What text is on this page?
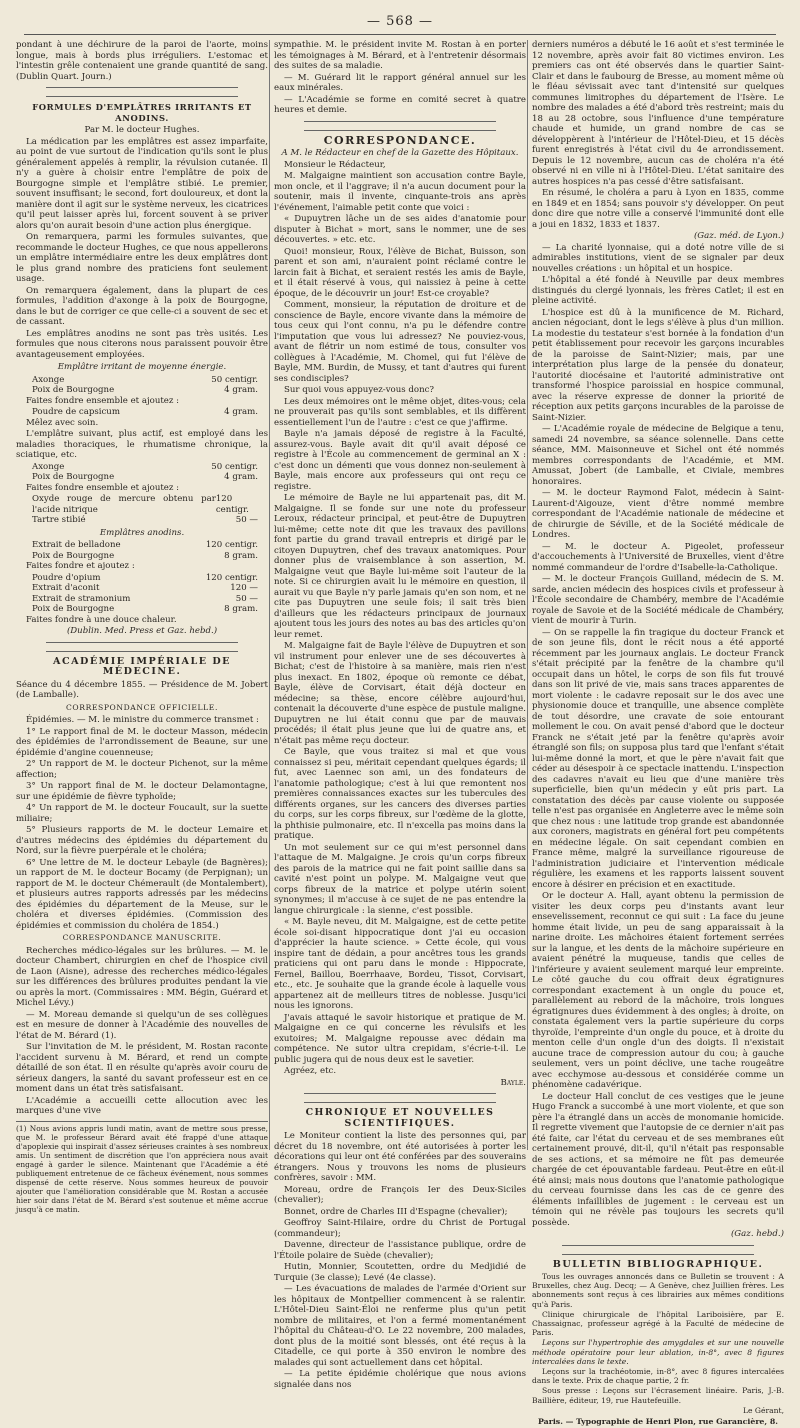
— 568 —

pondant à une déchirure de la paroi de l'aorte, moins longue, mais à bords plus irréguliers. L'estomac et l'intestin grêle contenaient une grande quantité de sang. (Dublin Quart. Journ.)

FORMULES D'EMPLÂTRES IRRITANTS ET ANODINS.

Par M. le docteur Hughes.

La médication par les emplâtres est assez imparfaite, au point de vue surtout de l'indication qu'ils sont le plus généralement appelés à remplir, la révulsion cutanée. Il n'y a guère à choisir entre l'emplâtre de poix de Bourgogne simple et l'emplâtre stibié. Le premier, souvent insuffisant; le second, fort douloureux, et dont la manière dont il agit sur le système nerveux, les cicatrices qu'il peut laisser après lui, forcent souvent à se priver alors qu'on aurait besoin d'une action plus énergique.

On remarquera, parmi les formules suivantes, que recommande le docteur Hughes, ce que nous appellerons un emplâtre intermédiaire entre les deux emplâtres dont le plus grand nombre des praticiens font seulement usage.

On remarquera également, dans la plupart de ces formules, l'addition d'axonge à la poix de Bourgogne, dans le but de corriger ce que celle-ci a souvent de sec et de cassant.

Les emplâtres anodins ne sont pas très usités. Les formules que nous citerons nous paraissent pouvoir être avantageusement employées.

Emplâtre irritant de moyenne énergie.

Axonge	50 centigr.
Poix de Bourgogne	4 gram.

Faites fondre ensemble et ajoutez :

Poudre de capsicum	4 gram.

Mêlez avec soin.

L'emplâtre suivant, plus actif, est employé dans les maladies thoraciques, le rhumatisme chronique, la sciatique, etc.

Axonge	50 centigr.
Poix de Bourgogne	4 gram.

Faites fondre ensemble et ajoutez :

Oxyde rouge de mercure obtenu par l'acide nitrique
120 centigr.
Tartre stibié	50 —

Emplâtres anodins.

Extrait de belladone	120 centigr.
Poix de Bourgogne	8 gram.

Faites fondre et ajoutez :

Poudre d'opium	120 centigr.
Extrait d'aconit	120 —
Extrait de stramonium	50 —
Poix de Bourgogne	8 gram.

Faites fondre à une douce chaleur.

(Dublin. Med. Press et Gaz. hebd.)

ACADÉMIE IMPÉRIALE DE MÉDECINE.

Séance du 4 décembre 1855. — Présidence de M. Jobert (de Lamballe).

CORRESPONDANCE OFFICIELLE.

Épidémies. — M. le ministre du commerce transmet :

1° Le rapport final de M. le docteur Masson, médecin des épidémies de l'arrondissement de Beaune, sur une épidémie d'angine couenneuse;

2° Un rapport de M. le docteur Pichenot, sur la même affection;

3° Un rapport final de M. le docteur Delamontagne, sur une épidémie de fièvre typhoïde;

4° Un rapport de M. le docteur Foucault, sur la suette miliaire;

5° Plusieurs rapports de M. le docteur Lemaire et d'autres médecins des épidémies du département du Nord, sur la fièvre puerpérale et le choléra;

6° Une lettre de M. le docteur Lebayle (de Bagnères); un rapport de M. le docteur Bocamy (de Perpignan); un rapport de M. le docteur Chémerault (de Montalembert), et plusieurs autres rapports adressés par les médecins des épidémies du département de la Meuse, sur le choléra et diverses épidémies. (Commission des épidémies et commission du choléra de 1854.)

CORRESPONDANCE MANUSCRITE.

Recherches médico-légales sur les brûlures. — M. le docteur Chambert, chirurgien en chef de l'hospice civil de Laon (Aisne), adresse des recherches médico-légales sur les différences des brûlures produites pendant la vie ou après la mort. (Commissaires : MM. Bégin, Guérard et Michel Lévy.)

— M. Moreau demande si quelqu'un de ses collègues est en mesure de donner à l'Académie des nouvelles de l'état de M. Bérard (1).

Sur l'invitation de M. le président, M. Rostan raconte l'accident survenu à M. Bérard, et rend un compte détaillé de son état. Il en résulte qu'après avoir couru de sérieux dangers, la santé du savant professeur est en ce moment dans un état très satisfaisant.

L'Académie a accueilli cette allocution avec les marques d'une vive

(1) Nous avions appris lundi matin, avant de mettre sous presse, que M. le professeur Bérard avait été frappé d'une attaque d'apoplexie qui inspirait d'assez sérieuses craintes à ses nombreux amis. Un sentiment de discrétion que l'on appréciera nous avait engagé à garder le silence. Maintenant que l'Académie a été publiquement entretenue de ce fâcheux événement, nous sommes dispensé de cette réserve. Nous sommes heureux de pouvoir ajouter que l'amélioration considérable que M. Rostan a accusée hier soir dans l'état de M. Bérard s'est soutenue et même accrue jusqu'à ce matin.

sympathie. M. le président invite M. Rostan à en porter les témoignages à M. Bérard, et à l'entretenir désormais des suites de sa maladie.

— M. Guérard lit le rapport général annuel sur les eaux minérales.

— L'Académie se forme en comité secret à quatre heures et demie.

CORRESPONDANCE.

A M. le Rédacteur en chef de la Gazette des Hôpitaux.

Monsieur le Rédacteur,

M. Malgaigne maintient son accusation contre Bayle, mon oncle, et il l'aggrave; il n'a aucun document pour la soutenir, mais il invente, cinquante-trois ans après l'événement, l'aimable petit conte que voici :

« Dupuytren lâche un de ses aides d'anatomie pour disputer à Bichat » mort, sans le nommer, une de ses découvertes. » etc. etc.

Quoi! monsieur, Roux, l'élève de Bichat, Buisson, son parent et son ami, n'auraient point réclamé contre le larcin fait à Bichat, et seraient restés les amis de Bayle, et il était réservé à vous, qui naissiez à peine à cette époque, de le découvrir un jour! Est-ce croyable?

Comment, monsieur, la réputation de droiture et de conscience de Bayle, encore vivante dans la mémoire de tous ceux qui l'ont connu, n'a pu le défendre contre l'imputation que vous lui adressez? Ne pouviez-vous, avant de flétrir un nom estimé de tous, consulter vos collègues à l'Académie, M. Chomel, qui fut l'élève de Bayle, MM. Burdin, de Mussy, et tant d'autres qui furent ses condisciples?

Sur quoi vous appuyez-vous donc?

Les deux mémoires ont le même objet, dites-vous; cela ne prouverait pas qu'ils sont semblables, et ils diffèrent essentiellement l'un de l'autre : c'est ce que j'affirme.

Bayle n'a jamais déposé de registre à la Faculté, assurez-vous. Bayle avait dit qu'il avait déposé ce registre à l'École au commencement de germinal an X : c'est donc un démenti que vous donnez non-seulement à Bayle, mais encore aux professeurs qui ont reçu ce registre.

Le mémoire de Bayle ne lui appartenait pas, dit M. Malgaigne. Il se fonde sur une note du professeur Leroux, rédacteur principal, et peut-être de Dupuytren lui-même; cette note dit que les travaux des pavillons font partie du grand travail entrepris et dirigé par le citoyen Dupuytren, chef des travaux anatomiques. Pour donner plus de vraisemblance à son assertion, M. Malgaigne veut que Bayle lui-même soit l'auteur de la note. Si ce chirurgien avait lu le mémoire en question, il aurait vu que Bayle n'y parle jamais qu'en son nom, et ne cite pas Dupuytren une seule fois; il sait très bien d'ailleurs que les rédacteurs principaux de journaux ajoutent tous les jours des notes au bas des articles qu'on leur remet.

M. Malgaigne fait de Bayle l'élève de Dupuytren et son vil instrument pour enlever une de ses découvertes à Bichat; c'est de l'histoire à sa manière, mais rien n'est plus inexact. En 1802, époque où remonte ce débat, Bayle, élève de Corvisart, était déjà docteur en médecine; sa thèse, encore célèbre aujourd'hui, contenait la découverte d'une espèce de pustule maligne. Dupuytren ne lui était connu que par de mauvais procédés; il était plus jeune que lui de quatre ans, et n'était pas même reçu docteur.

Ce Bayle, que vous traitez si mal et que vous connaissez si peu, méritait cependant quelques égards; il fut, avec Laennec son ami, un des fondateurs de l'anatomie pathologique; c'est à lui que remontent nos premières connaissances exactes sur les tubercules des différents organes, sur les cancers des diverses parties du corps, sur les corps fibreux, sur l'œdème de la glotte, la phthisie pulmonaire, etc. Il n'excella pas moins dans la pratique.

Un mot seulement sur ce qui m'est personnel dans l'attaque de M. Malgaigne. Je crois qu'un corps fibreux des parois de la matrice qui ne fait point saillie dans sa cavité n'est point un polype. M. Malgaigne veut que corps fibreux de la matrice et polype utérin soient synonymes; il m'accuse à ce sujet de ne pas entendre la langue chirurgicale : la sienne, c'est possible.

« M. Bayle neveu, dit M. Malgaigne, est de cette petite école soi-disant hippocratique dont j'ai eu occasion d'apprécier la haute science. » Cette école, qui vous inspire tant de dédain, a pour ancêtres tous les grands praticiens qui ont paru dans le monde : Hippocrate, Fernel, Baillou, Boerrhaave, Bordeu, Tissot, Corvisart, etc., etc. Je souhaite que la grande école à laquelle vous appartenez ait de meilleurs titres de noblesse. Jusqu'ici nous les ignorons.

J'avais attaqué le savoir historique et pratique de M. Malgaigne en ce qui concerne les révulsifs et les exutoires; M. Malgaigne repousse avec dédain ma compétence. Ne sutor ultra crepidam, s'écrie-t-il. Le public jugera qui de nous deux est le savetier.

Agréez, etc.

Bayle.

CHRONIQUE ET NOUVELLES SCIENTIFIQUES.

Le Moniteur contient la liste des personnes qui, par décret du 18 novembre, ont été autorisées à porter les décorations qui leur ont été conférées par des souverains étrangers. Nous y trouvons les noms de plusieurs confrères, savoir : MM.

Moreau, ordre de François Ier des Deux-Siciles (chevalier);

Bonnet, ordre de Charles III d'Espagne (chevalier);

Geoffroy Saint-Hilaire, ordre du Christ de Portugal (commandeur);

Davenne, directeur de l'assistance publique, ordre de l'Étoile polaire de Suède (chevalier);

Hutin, Monnier, Scoutetten, ordre du Medjidié de Turquie (3e classe); Levé (4e classe).

— Les évacuations de malades de l'armée d'Orient sur les hôpitaux de Montpellier commencent à se ralentir. L'Hôtel-Dieu Saint-Éloi ne renferme plus qu'un petit nombre de militaires, et l'on a fermé momentanément l'hôpital du Château-d'O. Le 22 novembre, 200 malades, dont plus de la moitié sont blessés, ont été reçus à la Citadelle, ce qui porte à 350 environ le nombre des malades qui sont actuellement dans cet hôpital.

— La petite épidémie cholérique que nous avions signalée dans nos

derniers numéros a débuté le 16 août et s'est terminée le 12 novembre, après avoir fait 80 victimes environ. Les premiers cas ont été observés dans le quartier Saint-Clair et dans le faubourg de Bresse, au moment même où le fléau sévissait avec tant d'intensité sur quelques communes limitrophes du département de l'Isère. Le nombre des malades a été d'abord très restreint; mais du 18 au 28 octobre, sous l'influence d'une température chaude et humide, un grand nombre de cas se développèrent à l'intérieur de l'Hôtel-Dieu, et 15 décès furent enregistrés à l'état civil du 4e arrondissement. Depuis le 12 novembre, aucun cas de choléra n'a été observé ni en ville ni à l'Hôtel-Dieu. L'état sanitaire des autres hospices n'a pas cessé d'être satisfaisant.

En résumé, le choléra a paru à Lyon en 1835, comme en 1849 et en 1854; sans pouvoir s'y développer. On peut donc dire que notre ville a conservé l'immunité dont elle a joui en 1832, 1833 et 1837.

(Gaz. méd. de Lyon.)

— La charité lyonnaise, qui a doté notre ville de si admirables institutions, vient de se signaler par deux nouvelles créations : un hôpital et un hospice.

L'hôpital a été fondé à Neuville par deux membres distingués du clergé lyonnais, les frères Catlet; il est en pleine activité.

L'hospice est dû à la munificence de M. Richard, ancien négociant, dont le legs s'élève à plus d'un million. La modestie du testateur s'est bornée à la fondation d'un petit établissement pour recevoir les garçons incurables de la paroisse de Saint-Nizier; mais, par une interprétation plus large de la pensée du donateur, l'autorité diocésaine et l'autorité administrative ont transformé l'hospice paroissial en hospice communal, avec la réserve expresse de donner la priorité de réception aux petits garçons incurables de la paroisse de Saint-Nizier.

— L'Académie royale de médecine de Belgique a tenu, samedi 24 novembre, sa séance solennelle. Dans cette séance, MM. Maisonneuve et Sichel ont été nommés membres correspondants de l'Académie, et MM. Amussat, Jobert (de Lamballe, et Civiale, membres honoraires.

— M. le docteur Raymond Falot, médecin à Saint-Laurent-d'Aigouze, vient d'être nommé membre correspondant de l'Académie nationale de médecine et de chirurgie de Séville, et de la Société médicale de Londres.

— M. le docteur A. Pigeolet, professeur d'accouchements à l'Université de Bruxelles, vient d'être nommé commandeur de l'ordre d'Isabelle-la-Catholique.

— M. le docteur François Guilland, médecin de S. M. sarde, ancien médecin des hospices civils et professeur à l'École secondaire de Chambéry, membre de l'Académie royale de Savoie et de la Société médicale de Chambéry, vient de mourir à Turin.

— On se rappelle la fin tragique du docteur Franck et de son jeune fils, dont le récit nous a été apporté récemment par les journaux anglais. Le docteur Franck s'était précipité par la fenêtre de la chambre qu'il occupait dans un hôtel, le corps de son fils fut trouvé dans son lit privé de vie, mais sans traces apparentes de mort violente : le cadavre reposait sur le dos avec une physionomie douce et tranquille, une absence complète de tout désordre, une cravate de soie entourant mollement le cou. On avait pensé d'abord que le docteur Franck ne s'était jeté par la fenêtre qu'après avoir étranglé son fils; on supposa plus tard que l'enfant s'était lui-même donné la mort, et que le père n'avait fait que céder au désespoir à ce spectacle inattendu. L'inspection des cadavres n'avait eu lieu que d'une manière très superficielle, bien qu'un médecin y eût pris part. La constatation des décès par cause violente ou supposée telle n'est pas organisée en Angleterre avec le même soin que chez nous : une latitude trop grande est abandonnée aux coroners, magistrats en général fort peu compétents en médecine légale. On sait cependant combien en France même, malgré la surveillance rigoureuse de l'administration judiciaire et l'intervention médicale régulière, les examens et les rapports laissent souvent encore à désirer en précision et en exactitude.

Or le docteur A. Hall, ayant obtenu la permission de visiter les deux corps peu d'instants avant leur ensevelissement, reconnut ce qui suit : La face du jeune homme était livide, un peu de sang apparaissait à la narine droite. Les mâchoires étaient fortement serrées sur la langue, et les dents de la mâchoire supérieure en avaient pénétré la muqueuse, tandis que celles de l'inférieure y avaient seulement marqué leur empreinte. Le côté gauche du cou offrait deux égratignures correspondant exactement à un ongle du pouce et, parallèlement au rebord de la mâchoire, trois longues égratignures dues évidemment à des ongles; à droite, on constata également vers la partie supérieure du corps thyroïde, l'empreinte d'un ongle du pouce, et à droite du menton celle d'un ongle d'un des doigts. Il n'existait aucune trace de compression autour du cou; à gauche seulement, vers un point déclive, une tache rougeâtre avec ecchymose au-dessous et considérée comme un phénomène cadavérique.

Le docteur Hall conclut de ces vestiges que le jeune Hugo Franck a succombé à une mort violente, et que son père l'a étranglé dans un accès de monomanie homicide. Il regrette vivement que l'autopsie de ce dernier n'ait pas été faite, car l'état du cerveau et de ses membranes eût certainement prouvé, dit-il, qu'il n'était pas responsable de ses actions, et sa mémoire ne fût pas demeurée chargée de cet épouvantable fardeau. Peut-être en eût-il été ainsi; mais nous doutons que l'anatomie pathologique du cerveau fournisse dans les cas de ce genre des éléments infaillibles de jugement : le cerveau est un témoin qui ne révèle pas toujours les secrets qu'il possède.

(Gaz. hebd.)

BULLETIN BIBLIOGRAPHIQUE.

Tous les ouvrages annoncés dans ce Bulletin se trouvent : A Bruxelles, chez Aug. Decq; — A Genève, chez Juillien frères. Les abonnements sont reçus à ces librairies aux mêmes conditions qu'à Paris.

Clinique chirurgicale de l'hôpital Lariboisière, par E. Chassaignac, professeur agrégé à la Faculté de médecine de Paris.

Leçons sur l'hypertrophie des amygdales et sur une nouvelle méthode opératoire pour leur ablation, in-8°, avec 8 figures intercalées dans le texte.

Leçons sur la trachéotomie, in-8°, avec 8 figures intercalées dans le texte. Prix de chaque partie, 2 fr.

Sous presse : Leçons sur l'écrasement linéaire. Paris, J.-B. Baillière, éditeur, 19, rue Hautefeuille.

Le Gérant,

Paris. — Typographie de Henri Plon, rue Garancière, 8.
